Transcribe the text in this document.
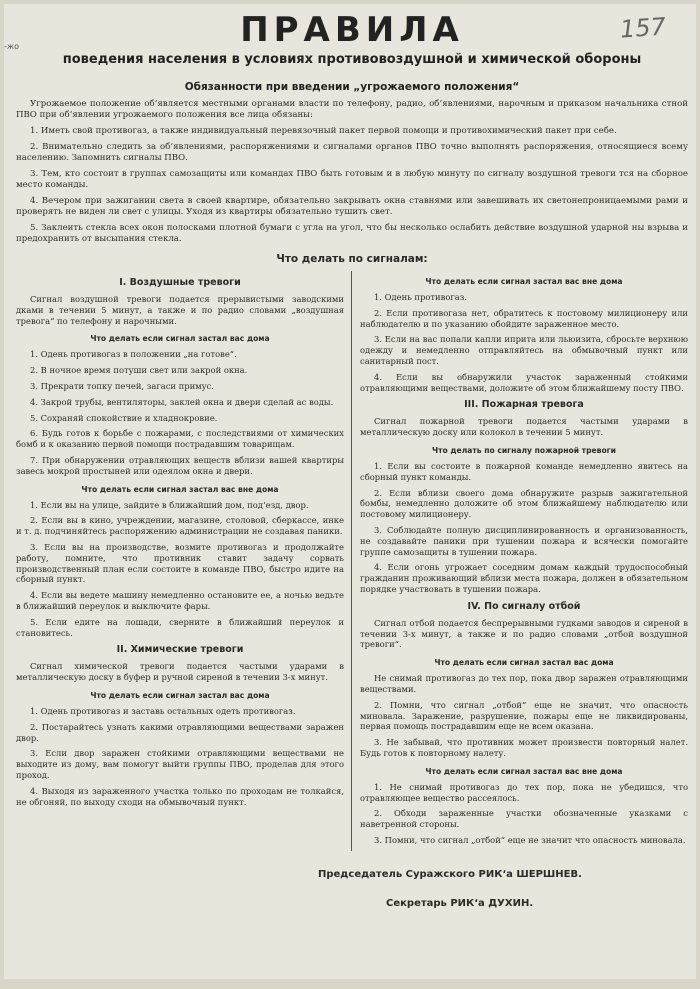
-жо
157
ПРАВИЛА
поведения населения в условиях противовоздушной и химической обороны
Обязанности при введении „угрожаемого положения“

Угрожаемое положение об‘является местными органами власти по телефону, радио, об‘явлениями, нарочным и приказом начальника стной ПВО при об‘явлении угрожаемого положения все лица обязаны:

1. Иметь свой противогаз, а также индивидуальный перевязочный пакет первой помощи и противохимический пакет при себе.

2. Внимательно следить за об‘явлениями, распоряжениями и сигналами органов ПВО точно выполнять распоряжения, относящиеся всему населению. Запомнить сигналы ПВО.

3. Тем, кто состоит в группах самозащиты или командах ПВО быть готовым и в любую минуту по сигналу воздушной тревоги тся на сборное место команды.

4. Вечером при зажигании света в своей квартире, обязательно закрывать окна ставнями или завешивать их светонепроницаемыми рами и проверять не виден ли свет с улицы. Уходя из квартиры обязательно тушить свет.

5. Заклеить стекла всех окон полосками плотной бумаги с угла на угол, что бы несколько ослабить действие воздушной ударной ны взрыва и предохранить от высыпания стекла.

Что делать по сигналам:
I. Воздушные тревоги

Сигнал воздушной тревоги подается прерывистыми заводскими дками в течении 5 минут, а также и по радио словами „воздушная тревога“ по телефону и нарочными.

Что делать если сигнал застал вас дома

1. Одень противогаз в положении „на готове“.

2. В ночное время потуши свет или закрой окна.

3. Прекрати топку печей, загаси примус.

4. Закрой трубы, вентиляторы, заклей окна и двери сделай ас воды.

5. Сохраняй спокойствие и хладнокровие.

6. Будь готов к борьбе с пожарами, с последствиями от химических бомб и к оказанию первой помощи пострадавшим товарищам.

7. При обнаружении отравляющих веществ вблизи вашей квартиры завесь мокрой простыней или одеялом окна и двери.

Что делать если сигнал застал вас вне дома

1. Если вы на улице, зайдите в ближайший дом, под‘езд, двор.

2. Если вы в кино, учреждении, магазине, столовой, сберкассе, инке и т. д. подчиняйтесь распоряжению администрации не создавая паники.

3. Если вы на производстве, возмите противогаз и продолжайте работу, помните, что противник ставит задачу сорвать производственный план если состоите в команде ПВО, быстро идите на сборный пункт.

4. Если вы ведете машину немедленно остановите ее, а ночью ведьте в ближайший переулок и выключите фары.

5. Если едите на лошади, сверните в ближайший переулок и становитесь.

II. Химические тревоги

Сигнал химической тревоги подается частыми ударами в металлическую доску в буфер и ручной сиреной в течении 3-х минут.

Что делать если сигнал застал вас дома

1. Одень противогаз и заставь остальных одеть противогаз.

2. Постарайтесь узнать какими отравляющими веществами заражен двор.

3. Если двор заражен стойкими отравляющими веществами не выходите из дому, вам помогут выйти группы ПВО, проделав для этого проход.

4. Выходя из зараженного участка только по проходам не толкайся, не обгоняй, по выходу сходи на обмывочный пункт.

Что делать если сигнал застал вас вне дома

1. Одень противогаз.

2. Если противогаза нет, обратитесь к постовому милиционеру или наблюдателю и по указанию обойдите зараженное место.

3. Если на вас попали капли иприта или льюизита, сбросьте верхнюю одежду и немедленно отправляйтесь на обмывочный пункт или санитарный пост.

4. Если вы обнаружили участок зараженный стойкими отравляющими веществами, доложите об этом ближайшему посту ПВО.

III. Пожарная тревога

Сигнал пожарной тревоги подается частыми ударами в металлическую доску или колокол в течении 5 минут.

Что делать по сигналу пожарной тревоги

1. Если вы состоите в пожарной команде немедленно явитесь на сборный пункт команды.

2. Если вблизи своего дома обнаружите разрыв зажигательной бомбы, немедленно доложите об этом ближайшему наблюдателю или постовому милиционеру.

3. Соблюдайте полную дисциплинированность и организованность, не создавайте паники при тушении пожара и всячески помогайте группе самозащиты в тушении пожара.

4. Если огонь угрожает соседним домам каждый трудоспособный гражданин проживающий вблизи места пожара, должен в обязательном порядке участвовать в тушении пожара.

IV. По сигналу отбой

Сигнал отбой подается беспрерывными гудками заводов и сиреной в течении 3-х минут, а также и по радио словами „отбой воздушной тревоги“.

Что делать если сигнал застал вас дома

Не снимай противогаз до тех пор, пока двор заражен отравляющими веществами.

2. Помни, что сигнал „отбой“ еще не значит, что опасность миновала. Заражение, разрушение, пожары еще не ликвидированы, первая помощь пострадавшим еще не всем оказана.

3. Не забывай, что противник может произвести повторный налет. Будь готов к повторному налету.

Что делать если сигнал застал вас вне дома

1. Не снимай противогаз до тех пор, пока не убедишся, что отравляющее вещество рассеялось.

2. Обходи зараженные участки обозначенные указками с наветренной стороны.

3. Помни, что сигнал „отбой“ еще не значит что опасность миновала.

Председатель Суражского РИК‘а ШЕРШНЕВ.
Секретарь РИК‘а ДУХИН.
